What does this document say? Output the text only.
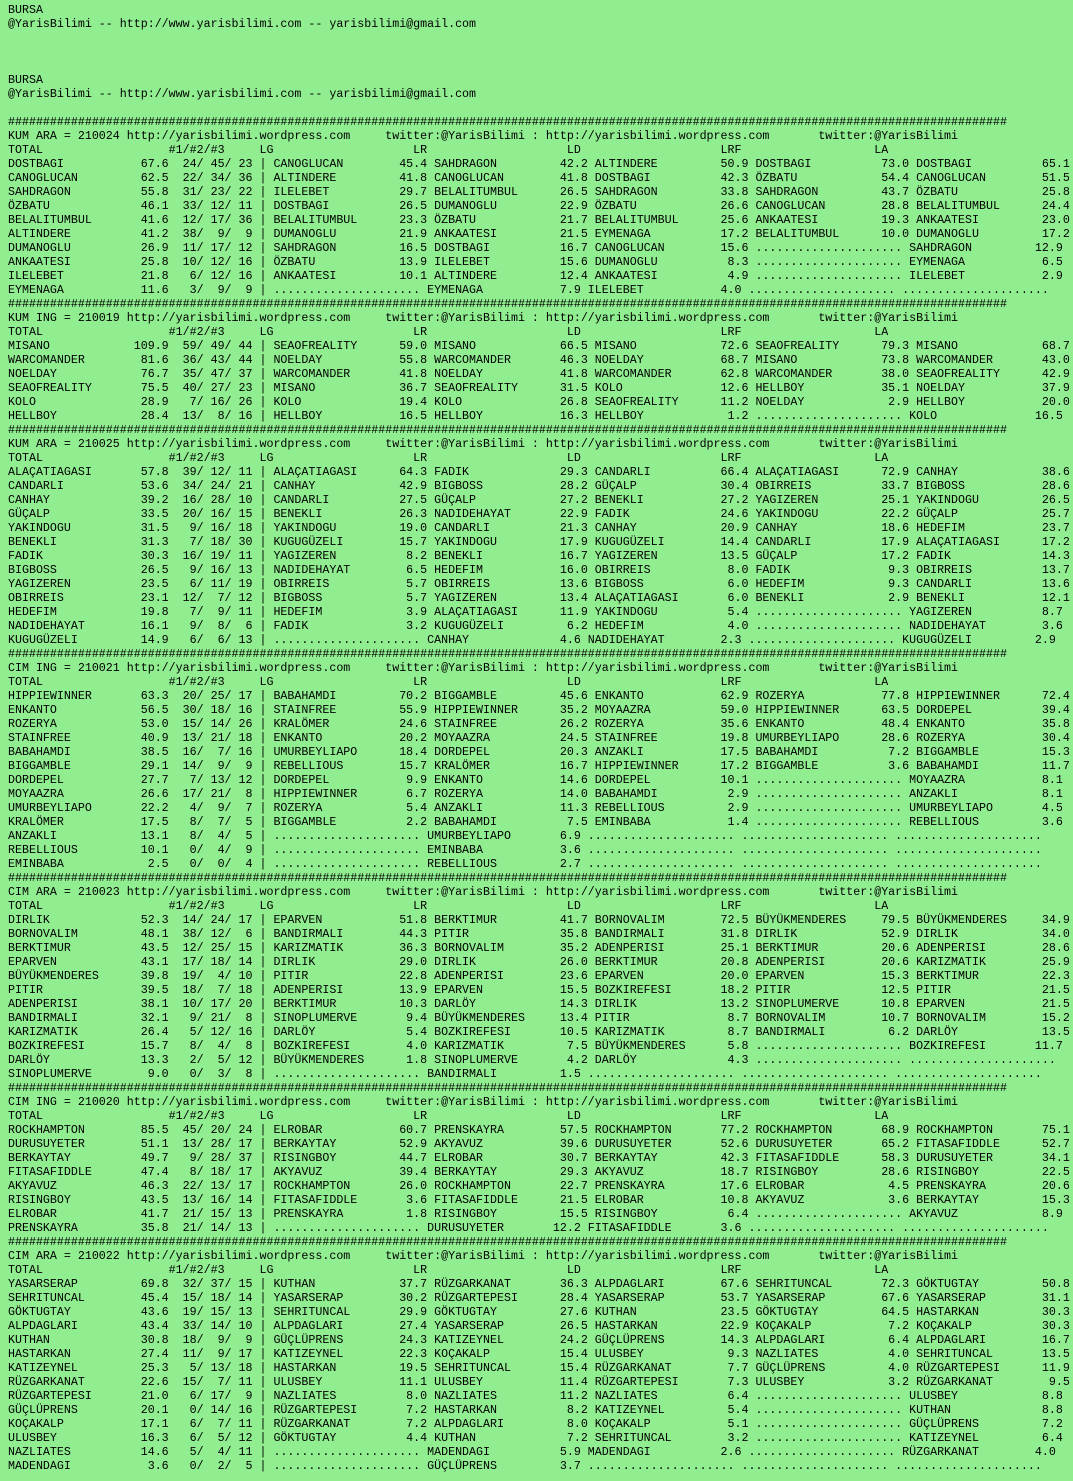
BURSA
@YarisBilimi -- http://www.yarisbilimi.com -- yarisbilimi@gmail.com

BURSA
@YarisBilimi -- http://www.yarisbilimi.com -- yarisbilimi@gmail.com

###############################################################################################################################################
KUM ARA = 210024 http://yarisbilimi.wordpress.com     twitter:@YarisBilimi : http://yarisbilimi.wordpress.com       twitter:@YarisBilimi
TOTAL                  #1/#2/#3     LG                    LR                    LD                    LRF                   LA
DOSTBAGI           67.6  24/ 45/ 23 | CANOGLUCAN        45.4 SAHDRAGON         42.2 ALTINDERE         50.9 DOSTBAGI          73.0 DOSTBAGI          65.1
CANOGLUCAN         62.5  22/ 34/ 36 | ALTINDERE         41.8 CANOGLUCAN        41.8 DOSTBAGI          42.3 ÖZBATU            54.4 CANOGLUCAN        51.5
SAHDRAGON          55.8  31/ 23/ 22 | ILELEBET          29.7 BELALITUMBUL      26.5 SAHDRAGON         33.8 SAHDRAGON         43.7 ÖZBATU            25.8
ÖZBATU             46.1  33/ 12/ 11 | DOSTBAGI          26.5 DUMANOGLU         22.9 ÖZBATU            26.6 CANOGLUCAN        28.8 BELALITUMBUL      24.4
BELALITUMBUL       41.6  12/ 17/ 36 | BELALITUMBUL      23.3 ÖZBATU            21.7 BELALITUMBUL      25.6 ANKAATESI         19.3 ANKAATESI         23.0
ALTINDERE          41.2  38/  9/  9 | DUMANOGLU         21.9 ANKAATESI         21.5 EYMENAGA          17.2 BELALITUMBUL      10.0 DUMANOGLU         17.2
DUMANOGLU          26.9  11/ 17/ 12 | SAHDRAGON         16.5 DOSTBAGI          16.7 CANOGLUCAN        15.6 ..................... SAHDRAGON         12.9
ANKAATESI          25.8  10/ 12/ 16 | ÖZBATU            13.9 ILELEBET          15.6 DUMANOGLU          8.3 ..................... EYMENAGA           6.5
ILELEBET           21.8   6/ 12/ 16 | ANKAATESI         10.1 ALTINDERE         12.4 ANKAATESI          4.9 ..................... ILELEBET           2.9
EYMENAGA           11.6   3/  9/  9 | ..................... EYMENAGA           7.9 ILELEBET           4.0 ..................... .....................
###############################################################################################################################################
KUM ING = 210019 http://yarisbilimi.wordpress.com     twitter:@YarisBilimi : http://yarisbilimi.wordpress.com       twitter:@YarisBilimi
TOTAL                  #1/#2/#3     LG                    LR                    LD                    LRF                   LA
MISANO            109.9  59/ 49/ 44 | SEAOFREALITY      59.0 MISANO            66.5 MISANO            72.6 SEAOFREALITY      79.3 MISANO            68.7
WARCOMANDER        81.6  36/ 43/ 44 | NOELDAY           55.8 WARCOMANDER       46.3 NOELDAY           68.7 MISANO            73.8 WARCOMANDER       43.0
NOELDAY            76.7  35/ 47/ 37 | WARCOMANDER       41.8 NOELDAY           41.8 WARCOMANDER       62.8 WARCOMANDER       38.0 SEAOFREALITY      42.9
SEAOFREALITY       75.5  40/ 27/ 23 | MISANO            36.7 SEAOFREALITY      31.5 KOLO              12.6 HELLBOY           35.1 NOELDAY           37.9
KOLO               28.9   7/ 16/ 26 | KOLO              19.4 KOLO              26.8 SEAOFREALITY      11.2 NOELDAY            2.9 HELLBOY           20.0
HELLBOY            28.4  13/  8/ 16 | HELLBOY           16.5 HELLBOY           16.3 HELLBOY            1.2 ..................... KOLO              16.5
###############################################################################################################################################
KUM ARA = 210025 http://yarisbilimi.wordpress.com     twitter:@YarisBilimi : http://yarisbilimi.wordpress.com       twitter:@YarisBilimi
TOTAL                  #1/#2/#3     LG                    LR                    LD                    LRF                   LA
ALAÇATIAGASI       57.8  39/ 12/ 11 | ALAÇATIAGASI      64.3 FADIK             29.3 CANDARLI          66.4 ALAÇATIAGASI      72.9 CANHAY            38.6
CANDARLI           53.6  34/ 24/ 21 | CANHAY            42.9 BIGBOSS           28.2 GÜÇALP            30.4 OBIRREIS          33.7 BIGBOSS           28.6
CANHAY             39.2  16/ 28/ 10 | CANDARLI          27.5 GÜÇALP            27.2 BENEKLI           27.2 YAGIZEREN         25.1 YAKINDOGU         26.5
GÜÇALP             33.5  20/ 16/ 15 | BENEKLI           26.3 NADIDEHAYAT       22.9 FADIK             24.6 YAKINDOGU         22.2 GÜÇALP            25.7
YAKINDOGU          31.5   9/ 16/ 18 | YAKINDOGU         19.0 CANDARLI          21.3 CANHAY            20.9 CANHAY            18.6 HEDEFIM           23.7
BENEKLI            31.3   7/ 18/ 30 | KUGUGÜZELI        15.7 YAKINDOGU         17.9 KUGUGÜZELI        14.4 CANDARLI          17.9 ALAÇATIAGASI      17.2
FADIK              30.3  16/ 19/ 11 | YAGIZEREN          8.2 BENEKLI           16.7 YAGIZEREN         13.5 GÜÇALP            17.2 FADIK             14.3
BIGBOSS            26.5   9/ 16/ 13 | NADIDEHAYAT        6.5 HEDEFIM           16.0 OBIRREIS           8.0 FADIK              9.3 OBIRREIS          13.7
YAGIZEREN          23.5   6/ 11/ 19 | OBIRREIS           5.7 OBIRREIS          13.6 BIGBOSS            6.0 HEDEFIM            9.3 CANDARLI          13.6
OBIRREIS           23.1  12/  7/ 12 | BIGBOSS            5.7 YAGIZEREN         13.4 ALAÇATIAGASI       6.0 BENEKLI            2.9 BENEKLI           12.1
HEDEFIM            19.8   7/  9/ 11 | HEDEFIM            3.9 ALAÇATIAGASI      11.9 YAKINDOGU          5.4 ..................... YAGIZEREN          8.7
NADIDEHAYAT        16.1   9/  8/  6 | FADIK              3.2 KUGUGÜZELI         6.2 HEDEFIM            4.0 ..................... NADIDEHAYAT        3.6
KUGUGÜZELI         14.9   6/  6/ 13 | ..................... CANHAY             4.6 NADIDEHAYAT        2.3 ..................... KUGUGÜZELI         2.9
###############################################################################################################################################
CIM ING = 210021 http://yarisbilimi.wordpress.com     twitter:@YarisBilimi : http://yarisbilimi.wordpress.com       twitter:@YarisBilimi
TOTAL                  #1/#2/#3     LG                    LR                    LD                    LRF                   LA
HIPPIEWINNER       63.3  20/ 25/ 17 | BABAHAMDI         70.2 BIGGAMBLE         45.6 ENKANTO           62.9 ROZERYA           77.8 HIPPIEWINNER      72.4
ENKANTO            56.5  30/ 18/ 16 | STAINFREE         55.9 HIPPIEWINNER      35.2 MOYAAZRA          59.0 HIPPIEWINNER      63.5 DORDEPEL          39.4
ROZERYA            53.0  15/ 14/ 26 | KRALÖMER          24.6 STAINFREE         26.2 ROZERYA           35.6 ENKANTO           48.4 ENKANTO           35.8
STAINFREE          40.9  13/ 21/ 18 | ENKANTO           20.2 MOYAAZRA          24.5 STAINFREE         19.8 UMURBEYLIAPO      28.6 ROZERYA           30.4
BABAHAMDI          38.5  16/  7/ 16 | UMURBEYLIAPO      18.4 DORDEPEL          20.3 ANZAKLI           17.5 BABAHAMDI          7.2 BIGGAMBLE         15.3
BIGGAMBLE          29.1  14/  9/  9 | REBELLIOUS        15.7 KRALÖMER          16.7 HIPPIEWINNER      17.2 BIGGAMBLE          3.6 BABAHAMDI         11.7
DORDEPEL           27.7   7/ 13/ 12 | DORDEPEL           9.9 ENKANTO           14.6 DORDEPEL          10.1 ..................... MOYAAZRA           8.1
MOYAAZRA           26.6  17/ 21/  8 | HIPPIEWINNER       6.7 ROZERYA           14.0 BABAHAMDI          2.9 ..................... ANZAKLI            8.1
UMURBEYLIAPO       22.2   4/  9/  7 | ROZERYA            5.4 ANZAKLI           11.3 REBELLIOUS         2.9 ..................... UMURBEYLIAPO       4.5
KRALÖMER           17.5   8/  7/  5 | BIGGAMBLE          2.2 BABAHAMDI          7.5 EMINBABA           1.4 ..................... REBELLIOUS         3.6
ANZAKLI            13.1   8/  4/  5 | ..................... UMURBEYLIAPO       6.9 ..................... ..................... .....................
REBELLIOUS         10.1   0/  4/  9 | ..................... EMINBABA           3.6 ..................... ..................... .....................
EMINBABA            2.5   0/  0/  4 | ..................... REBELLIOUS         2.7 ..................... ..................... .....................
###############################################################################################################################################
CIM ARA = 210023 http://yarisbilimi.wordpress.com     twitter:@YarisBilimi : http://yarisbilimi.wordpress.com       twitter:@YarisBilimi
TOTAL                  #1/#2/#3     LG                    LR                    LD                    LRF                   LA
DIRLIK             52.3  14/ 24/ 17 | EPARVEN           51.8 BERKTIMUR         41.7 BORNOVALIM        72.5 BÜYÜKMENDERES     79.5 BÜYÜKMENDERES     34.9
BORNOVALIM         48.1  38/ 12/  6 | BANDIRMALI        44.3 PITIR             35.8 BANDIRMALI        31.8 DIRLIK            52.9 DIRLIK            34.0
BERKTIMUR          43.5  12/ 25/ 15 | KARIZMATIK        36.3 BORNOVALIM        35.2 ADENPERISI        25.1 BERKTIMUR         20.6 ADENPERISI        28.6
EPARVEN            43.1  17/ 18/ 14 | DIRLIK            29.0 DIRLIK            26.0 BERKTIMUR         20.8 ADENPERISI        20.6 KARIZMATIK        25.9
BÜYÜKMENDERES      39.8  19/  4/ 10 | PITIR             22.8 ADENPERISI        23.6 EPARVEN           20.0 EPARVEN           15.3 BERKTIMUR         22.3
PITIR              39.5  18/  7/ 18 | ADENPERISI        13.9 EPARVEN           15.5 BOZKIREFESI       18.2 PITIR             12.5 PITIR             21.5
ADENPERISI         38.1  10/ 17/ 20 | BERKTIMUR         10.3 DARLÖY            14.3 DIRLIK            13.2 SINOPLUMERVE      10.8 EPARVEN           21.5
BANDIRMALI         32.1   9/ 21/  8 | SINOPLUMERVE       9.4 BÜYÜKMENDERES     13.4 PITIR              8.7 BORNOVALIM        10.7 BORNOVALIM        15.2
KARIZMATIK         26.4   5/ 12/ 16 | DARLÖY             5.4 BOZKIREFESI       10.5 KARIZMATIK         8.7 BANDIRMALI         6.2 DARLÖY            13.5
BOZKIREFESI        15.7   8/  4/  8 | BOZKIREFESI        4.0 KARIZMATIK         7.5 BÜYÜKMENDERES      5.8 ..................... BOZKIREFESI       11.7
DARLÖY             13.3   2/  5/ 12 | BÜYÜKMENDERES      1.8 SINOPLUMERVE       4.2 DARLÖY             4.3 ..................... .....................
SINOPLUMERVE        9.0   0/  3/  8 | ..................... BANDIRMALI         1.5 ..................... ..................... .....................
###############################################################################################################################################
CIM ING = 210020 http://yarisbilimi.wordpress.com     twitter:@YarisBilimi : http://yarisbilimi.wordpress.com       twitter:@YarisBilimi
TOTAL                  #1/#2/#3     LG                    LR                    LD                    LRF                   LA
ROCKHAMPTON        85.5  45/ 20/ 24 | ELROBAR           60.7 PRENSKAYRA        57.5 ROCKHAMPTON       77.2 ROCKHAMPTON       68.9 ROCKHAMPTON       75.1
DURUSUYETER        51.1  13/ 28/ 17 | BERKAYTAY         52.9 AKYAVUZ           39.6 DURUSUYETER       52.6 DURUSUYETER       65.2 FITASAFIDDLE      52.7
BERKAYTAY          49.7   9/ 28/ 37 | RISINGBOY         44.7 ELROBAR           30.7 BERKAYTAY         42.3 FITASAFIDDLE      58.3 DURUSUYETER       34.1
FITASAFIDDLE       47.4   8/ 18/ 17 | AKYAVUZ           39.4 BERKAYTAY         29.3 AKYAVUZ           18.7 RISINGBOY         28.6 RISINGBOY         22.5
AKYAVUZ            46.3  22/ 13/ 17 | ROCKHAMPTON       26.0 ROCKHAMPTON       22.7 PRENSKAYRA        17.6 ELROBAR            4.5 PRENSKAYRA        20.6
RISINGBOY          43.5  13/ 16/ 14 | FITASAFIDDLE       3.6 FITASAFIDDLE      21.5 ELROBAR           10.8 AKYAVUZ            3.6 BERKAYTAY         15.3
ELROBAR            41.7  21/ 15/ 13 | PRENSKAYRA         1.8 RISINGBOY         15.5 RISINGBOY          6.4 ..................... AKYAVUZ            8.9
PRENSKAYRA         35.8  21/ 14/ 13 | ..................... DURUSUYETER       12.2 FITASAFIDDLE       3.6 ..................... .....................
###############################################################################################################################################
CIM ARA = 210022 http://yarisbilimi.wordpress.com     twitter:@YarisBilimi : http://yarisbilimi.wordpress.com       twitter:@YarisBilimi
TOTAL                  #1/#2/#3     LG                    LR                    LD                    LRF                   LA
YASARSERAP         69.8  32/ 37/ 15 | KUTHAN            37.7 RÜZGARKANAT       36.3 ALPDAGLARI        67.6 SEHRITUNCAL       72.3 GÖKTUGTAY         50.8
SEHRITUNCAL        45.4  15/ 18/ 14 | YASARSERAP        30.2 RÜZGARTEPESI      28.4 YASARSERAP        53.7 YASARSERAP        67.6 YASARSERAP        31.1
GÖKTUGTAY          43.6  19/ 15/ 13 | SEHRITUNCAL       29.9 GÖKTUGTAY         27.6 KUTHAN            23.5 GÖKTUGTAY         64.5 HASTARKAN         30.3
ALPDAGLARI         43.4  33/ 14/ 10 | ALPDAGLARI        27.4 YASARSERAP        26.5 HASTARKAN         22.9 KOÇAKALP           7.2 KOÇAKALP          30.3
KUTHAN             30.8  18/  9/  9 | GÜÇLÜPRENS        24.3 KATIZEYNEL        24.2 GÜÇLÜPRENS        14.3 ALPDAGLARI         6.4 ALPDAGLARI        16.7
HASTARKAN          27.4  11/  9/ 17 | KATIZEYNEL        22.3 KOÇAKALP          15.4 ULUSBEY            9.3 NAZLIATES          4.0 SEHRITUNCAL       13.5
KATIZEYNEL         25.3   5/ 13/ 18 | HASTARKAN         19.5 SEHRITUNCAL       15.4 RÜZGARKANAT        7.7 GÜÇLÜPRENS         4.0 RÜZGARTEPESI      11.9
RÜZGARKANAT        22.6  15/  7/ 11 | ULUSBEY           11.1 ULUSBEY           11.4 RÜZGARTEPESI       7.3 ULUSBEY            3.2 RÜZGARKANAT        9.5
RÜZGARTEPESI       21.0   6/ 17/  9 | NAZLIATES          8.0 NAZLIATES         11.2 NAZLIATES          6.4 ..................... ULUSBEY            8.8
GÜÇLÜPRENS         20.1   0/ 14/ 16 | RÜZGARTEPESI       7.2 HASTARKAN          8.2 KATIZEYNEL         5.4 ..................... KUTHAN             8.8
KOÇAKALP           17.1   6/  7/ 11 | RÜZGARKANAT        7.2 ALPDAGLARI         8.0 KOÇAKALP           5.1 ..................... GÜÇLÜPRENS         7.2
ULUSBEY            16.3   6/  5/ 12 | GÖKTUGTAY          4.4 KUTHAN             7.2 SEHRITUNCAL        3.2 ..................... KATIZEYNEL         6.4
NAZLIATES          14.6   5/  4/ 11 | ..................... MADENDAGI          5.9 MADENDAGI          2.6 ..................... RÜZGARKANAT        4.0
MADENDAGI           3.6   0/  2/  5 | ..................... GÜÇLÜPRENS         3.7 ..................... ..................... .....................
